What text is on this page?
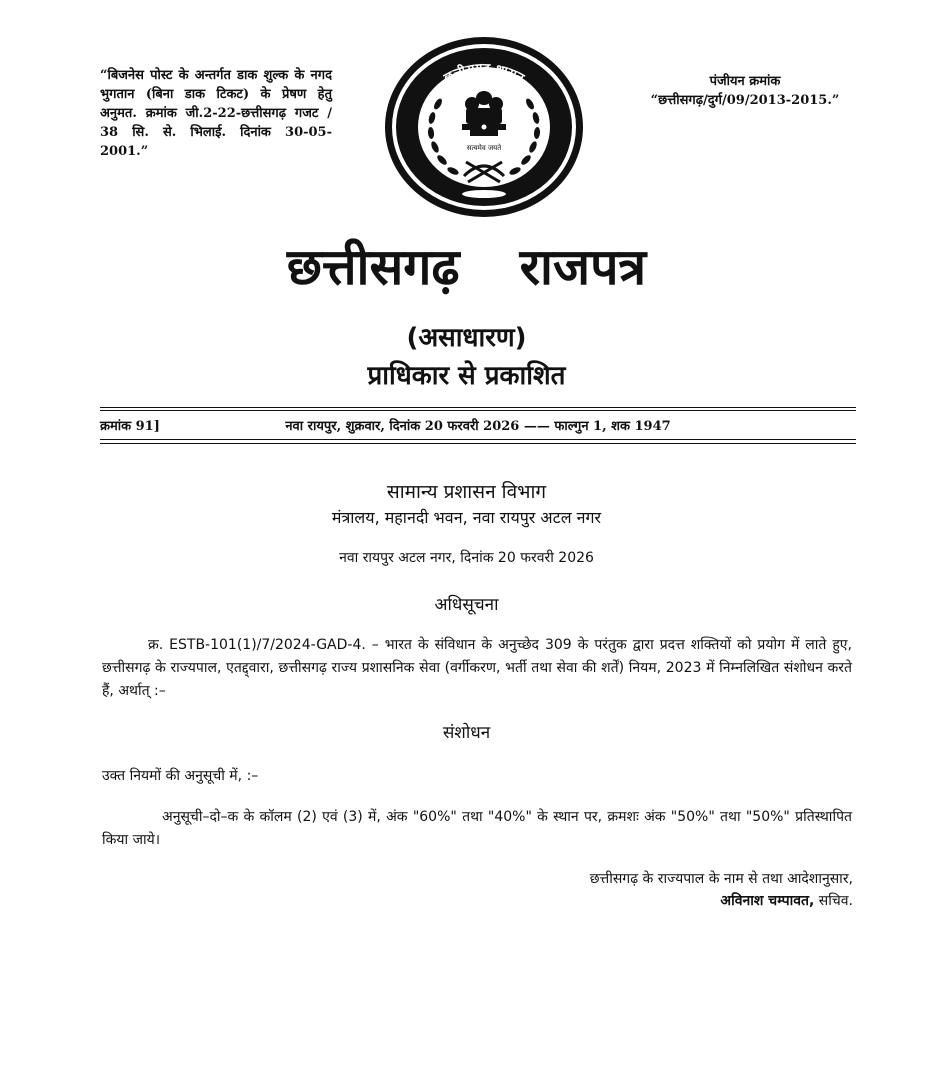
“बिजनेस पोस्ट के अन्तर्गत डाक शुल्क के नगद भुगतान (बिना डाक टिकट) के प्रेषण हेतु अनुमत. क्रमांक जी.2-22-छत्तीसगढ़ गजट / 38 सि. से. भिलाई. दिनांक 30-05-2001.”
पंजीयन क्रमांक
“छत्तीसगढ़/दुर्ग/09/2013-2015.”
छत्तीसगढ़ शासन
सत्यमेव जयते
छत्तीसगढ़ राजपत्र
(असाधारण)
प्राधिकार से प्रकाशित
क्रमांक 91]	नवा रायपुर, शुक्रवार, दिनांक 20 फरवरी 2026 —— फाल्गुन 1, शक 1947
सामान्य प्रशासन विभाग
मंत्रालय, महानदी भवन, नवा रायपुर अटल नगर
नवा रायपुर अटल नगर, दिनांक 20 फरवरी 2026
अधिसूचना
क्र. ESTB-101(1)/7/2024-GAD-4. – भारत के संविधान के अनुच्छेद 309 के परंतुक द्वारा प्रदत्त शक्तियों को प्रयोग में लाते हुए, छत्तीसगढ़ के राज्यपाल, एतद्द्वारा, छत्तीसगढ़ राज्य प्रशासनिक सेवा (वर्गीकरण, भर्ती तथा सेवा की शर्तें) नियम, 2023 में निम्नलिखित संशोधन करते हैं, अर्थात् :–
संशोधन
उक्त नियमों की अनुसूची में, :–
अनुसूची–दो–क के कॉलम (2) एवं (3) में, अंक "60%" तथा "40%" के स्थान पर, क्रमशः अंक "50%" तथा "50%" प्रतिस्थापित किया जाये।
छत्तीसगढ़ के राज्यपाल के नाम से तथा आदेशानुसार,
अविनाश चम्पावत, सचिव.
